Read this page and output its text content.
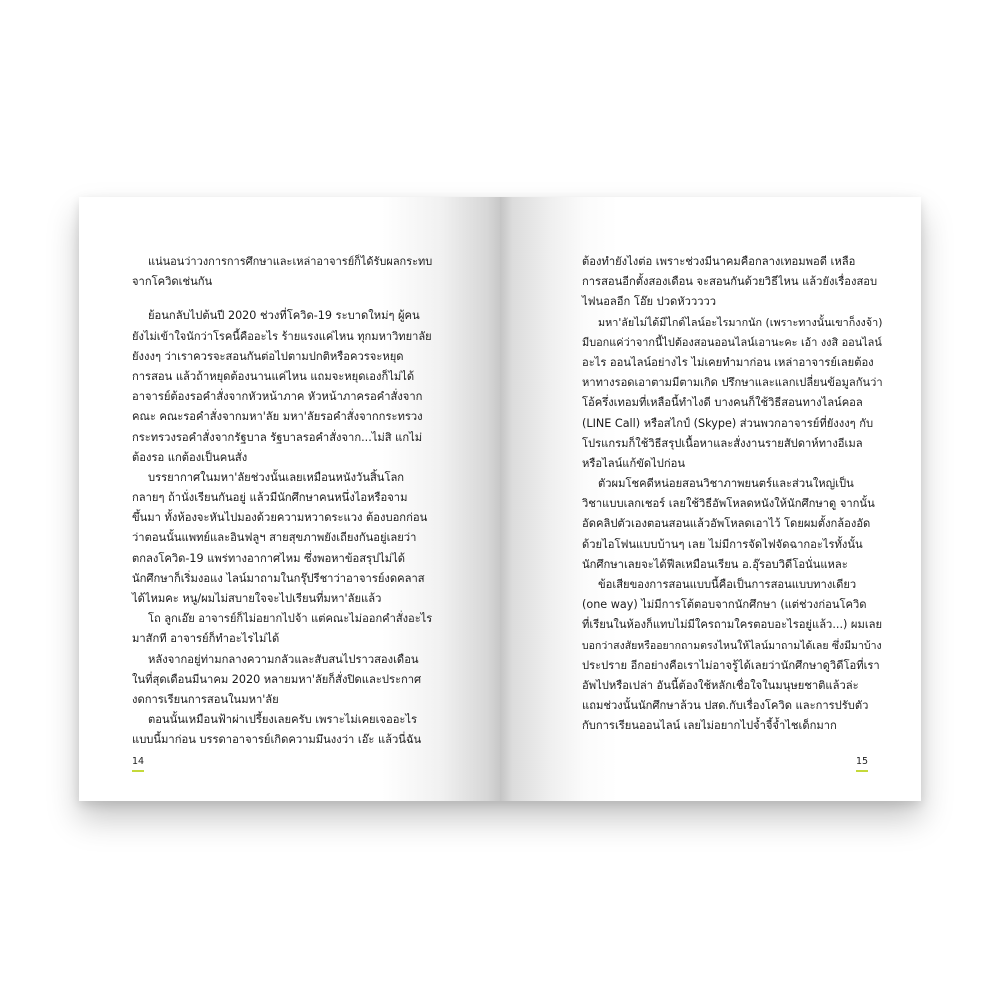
แน่นอนว่าวงการการศึกษาและเหล่าอาจารย์ก็ได้รับผลกระทบ
จากโควิดเช่นกัน
ย้อนกลับไปต้นปี 2020 ช่วงที่โควิด-19 ระบาดใหม่ๆ ผู้คน
ยังไม่เข้าใจนักว่าโรคนี้คืออะไร ร้ายแรงแค่ไหน ทุกมหาวิทยาลัย
ยังงงๆ ว่าเราควรจะสอนกันต่อไปตามปกติหรือควรจะหยุด
การสอน แล้วถ้าหยุดต้องนานแค่ไหน แถมจะหยุดเองก็ไม่ได้
อาจารย์ต้องรอคำสั่งจากหัวหน้าภาค หัวหน้าภาครอคำสั่งจาก
คณะ คณะรอคำสั่งจากมหา'ลัย มหา'ลัยรอคำสั่งจากกระทรวง
กระทรวงรอคำสั่งจากรัฐบาล รัฐบาลรอคำสั่งจาก...ไม่สิ แกไม่
ต้องรอ แกต้องเป็นคนสั่ง
บรรยากาศในมหา'ลัยช่วงนั้นเลยเหมือนหนังวันสิ้นโลก
กลายๆ ถ้านั่งเรียนกันอยู่ แล้วมีนักศึกษาคนหนึ่งไอหรือจาม
ขึ้นมา ทั้งห้องจะหันไปมองด้วยความหวาดระแวง ต้องบอกก่อน
ว่าตอนนั้นแพทย์และอินฟลูฯ สายสุขภาพยังเถียงกันอยู่เลยว่า
ตกลงโควิด-19 แพร่ทางอากาศไหม ซึ่งพอหาข้อสรุปไม่ได้
นักศึกษาก็เริ่มงอแง ไลน์มาถามในกรุ๊ปรีชาว่าอาจารย์งดคลาส
ได้ไหมคะ หนู/ผมไม่สบายใจจะไปเรียนที่มหา'ลัยแล้ว
โถ ลูกเอ๊ย อาจารย์ก็ไม่อยากไปจ้า แต่คณะไม่ออกคำสั่งอะไร
มาสักที อาจารย์ก็ทำอะไรไม่ได้
หลังจากอยู่ท่ามกลางความกลัวและสับสนไปราวสองเดือน
ในที่สุดเดือนมีนาคม 2020 หลายมหา'ลัยก็สั่งปิดและประกาศ
งดการเรียนการสอนในมหา'ลัย
ตอนนั้นเหมือนฟ้าผ่าเปรี้ยงเลยครับ เพราะไม่เคยเจออะไร
แบบนี้มาก่อน บรรดาอาจารย์เกิดความมึนงงว่า เอ๊ะ แล้วนี่ฉัน
14
ต้องทำยังไงต่อ เพราะช่วงมีนาคมคือกลางเทอมพอดี เหลือ
การสอนอีกตั้งสองเดือน จะสอนกันด้วยวิธีไหน แล้วยังเรื่องสอบ
ไฟนอลอีก โอ๊ย ปวดหัววววว
มหา'ลัยไม่ได้มีไกด์ไลน์อะไรมากนัก (เพราะทางนั้นเขาก็งงจ้า)
มีบอกแค่ว่าจากนี้ไปต้องสอนออนไลน์เอานะคะ เอ้า งงสิ ออนไลน์
อะไร ออนไลน์อย่างไร ไม่เคยทำมาก่อน เหล่าอาจารย์เลยต้อง
หาทางรอดเอาตามมีตามเกิด ปรึกษาและแลกเปลี่ยนข้อมูลกันว่า
โอ้ครึ่งเทอมที่เหลือนี้ทำไงดี บางคนก็ใช้วิธีสอนทางไลน์คอล
(LINE Call) หรือสไกป์ (Skype) ส่วนพวกอาจารย์ที่ยังงงๆ กับ
โปรแกรมก็ใช้วิธีสรุปเนื้อหาและสั่งงานรายสัปดาห์ทางอีเมล
หรือไลน์แก้ขัดไปก่อน
ตัวผมโชคดีหน่อยสอนวิชาภาพยนตร์และส่วนใหญ่เป็น
วิชาแบบเลกเชอร์ เลยใช้วิธีอัพโหลดหนังให้นักศึกษาดู จากนั้น
อัดคลิปตัวเองตอนสอนแล้วอัพโหลดเอาไว้ โดยผมตั้งกล้องอัด
ด้วยไอโฟนแบบบ้านๆ เลย ไม่มีการจัดไฟจัดฉากอะไรทั้งนั้น
นักศึกษาเลยจะได้ฟีลเหมือนเรียน อ.อุ๊รอบวิดีโอนั่นแหละ
ข้อเสียของการสอนแบบนี้คือเป็นการสอนแบบทางเดียว
(one way) ไม่มีการโต้ตอบจากนักศึกษา (แต่ช่วงก่อนโควิด
ที่เรียนในห้องก็แทบไม่มีใครถามใครตอบอะไรอยู่แล้ว...) ผมเลย
บอกว่าสงสัยหรืออยากถามตรงไหนให้ไลน์มาถามได้เลย ซึ่งมีมาบ้าง
ประปราย อีกอย่างคือเราไม่อาจรู้ได้เลยว่านักศึกษาดูวิดีโอที่เรา
อัพไปหรือเปล่า อันนี้ต้องใช้หลักเชื่อใจในมนุษยชาติแล้วล่ะ
แถมช่วงนั้นนักศึกษาล้วน ปสด.กับเรื่องโควิด และการปรับตัว
กับการเรียนออนไลน์ เลยไม่อยากไปจ้ำจี้จ้ำไชเด็กมาก
15
